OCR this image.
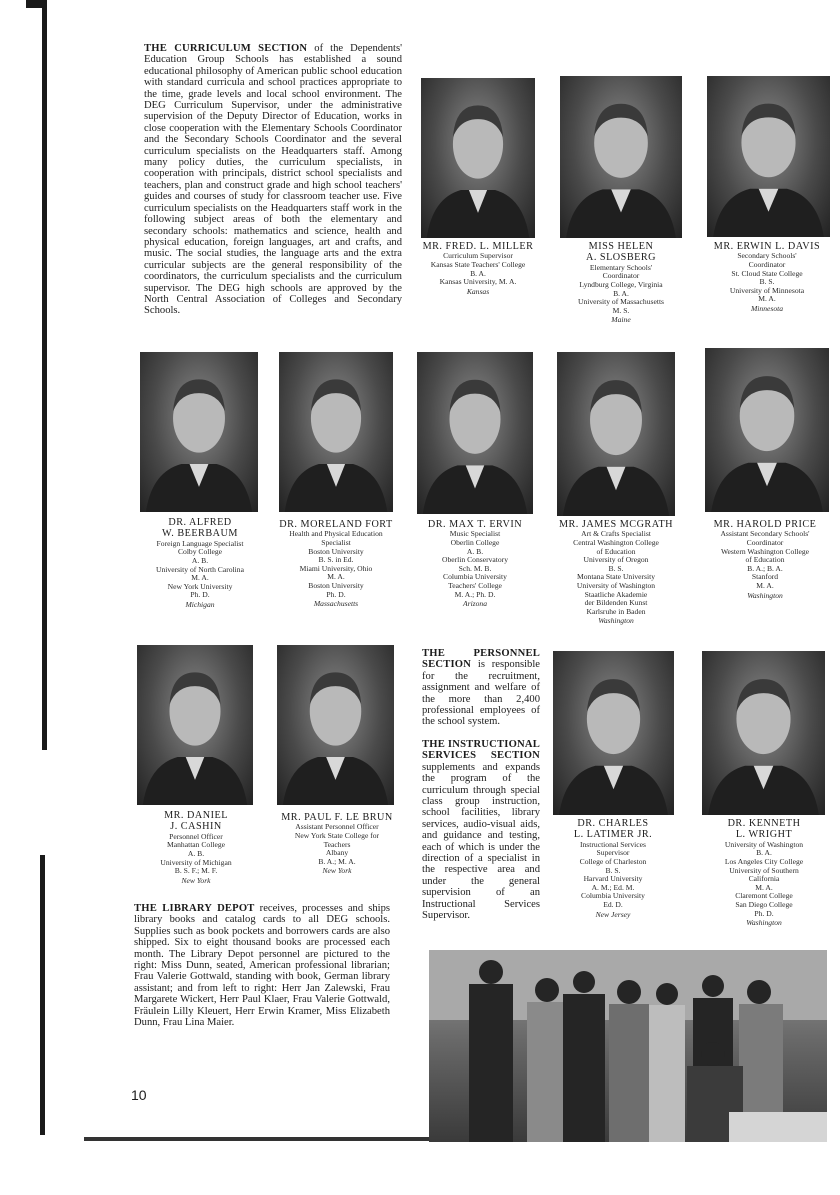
THE CURRICULUM SECTION of the Dependents' Education Group Schools has established a sound educational philosophy of American public school education with standard curricula and school practices appropriate to the time, grade levels and local school environment. The DEG Curriculum Supervisor, under the administrative supervision of the Deputy Director of Education, works in close cooperation with the Elementary Schools Coordinator and the Secondary Schools Coordinator and the several curriculum specialists on the Headquarters staff. Among many policy duties, the curriculum specialists, in cooperation with principals, district school specialists and teachers, plan and construct grade and high school teachers' guides and courses of study for classroom teacher use. Five curriculum specialists on the Headquarters staff work in the following subject areas of both the elementary and secondary schools: mathematics and science, health and physical education, foreign languages, art and crafts, and music. The social studies, the language arts and the extra curricular subjects are the general responsibility of the coordinators, the curriculum specialists and the curriculum supervisor. The DEG high schools are approved by the North Central Association of Colleges and Secondary Schools.

MR. FRED. L. MILLER
Curriculum Supervisor
Kansas State Teachers' College
B. A.
Kansas University, M. A.
Kansas
MISS HELEN
A. SLOSBERG
Elementary Schools'
Coordinator
Lyndburg College, Virginia
B. A.
University of Massachusetts
M. S.
Maine
MR. ERWIN L. DAVIS
Secondary Schools'
Coordinator
St. Cloud State College
B. S.
University of Minnesota
M. A.
Minnesota
DR. ALFRED
W. BEERBAUM
Foreign Language Specialist
Colby College
A. B.
University of North Carolina
M. A.
New York University
Ph. D.
Michigan
DR. MORELAND FORT
Health and Physical Education
Specialist
Boston University
B. S. in Ed.
Miami University, Ohio
M. A.
Boston University
Ph. D.
Massachusetts
DR. MAX T. ERVIN
Music Specialist
Oberlin College
A. B.
Oberlin Conservatory
Sch. M. B.
Columbia University
Teachers' College
M. A.; Ph. D.
Arizona
MR. JAMES MCGRATH
Art & Crafts Specialist
Central Washington College
of Education
University of Oregon
B. S.
Montana State University
University of Washington
Staatliche Akademie
der Bildenden Kunst
Karlsruhe in Baden
Washington
MR. HAROLD PRICE
Assistant Secondary Schools'
Coordinator
Western Washington College
of Education
B. A.; B. A.
Stanford
M. A.
Washington
MR. DANIEL
J. CASHIN
Personnel Officer
Manhattan College
A. B.
University of Michigan
B. S. F.; M. F.
New York
MR. PAUL F. LE BRUN
Assistant Personnel Officer
New York State College for
Teachers
Albany
B. A.; M. A.
New York
DR. CHARLES
L. LATIMER JR.
Instructional Services
Supervisor
College of Charleston
B. S.
Harvard University
A. M.; Ed. M.
Columbia University
Ed. D.
New Jersey
DR. KENNETH
L. WRIGHT
University of Washington
B. A.
Los Angeles City College
University of Southern
California
M. A.
Claremont College
San Diego College
Ph. D.
Washington

THE PERSONNEL SECTION is responsible for the recruitment, assignment and welfare of the more than 2,400 professional employees of the school system.

THE INSTRUCTIONAL SERVICES SECTION supplements and expands the program of the curriculum through special class group instruction, school facilities, library services, audio-visual aids, and guidance and testing, each of which is under the direction of a specialist in the respective area and under the general supervision of an Instructional Services Supervisor.

THE LIBRARY DEPOT receives, processes and ships library books and catalog cards to all DEG schools. Supplies such as book pockets and borrowers cards are also shipped. Six to eight thousand books are processed each month. The Library Depot personnel are pictured to the right: Miss Dunn, seated, American professional librarian; Frau Valerie Gottwald, standing with book, German library assistant; and from left to right: Herr Jan Zalewski, Frau Margarete Wickert, Herr Paul Klaer, Frau Valerie Gottwald, Fräulein Lilly Kleuert, Herr Erwin Kramer, Miss Elizabeth Dunn, Frau Lina Maier.

10
